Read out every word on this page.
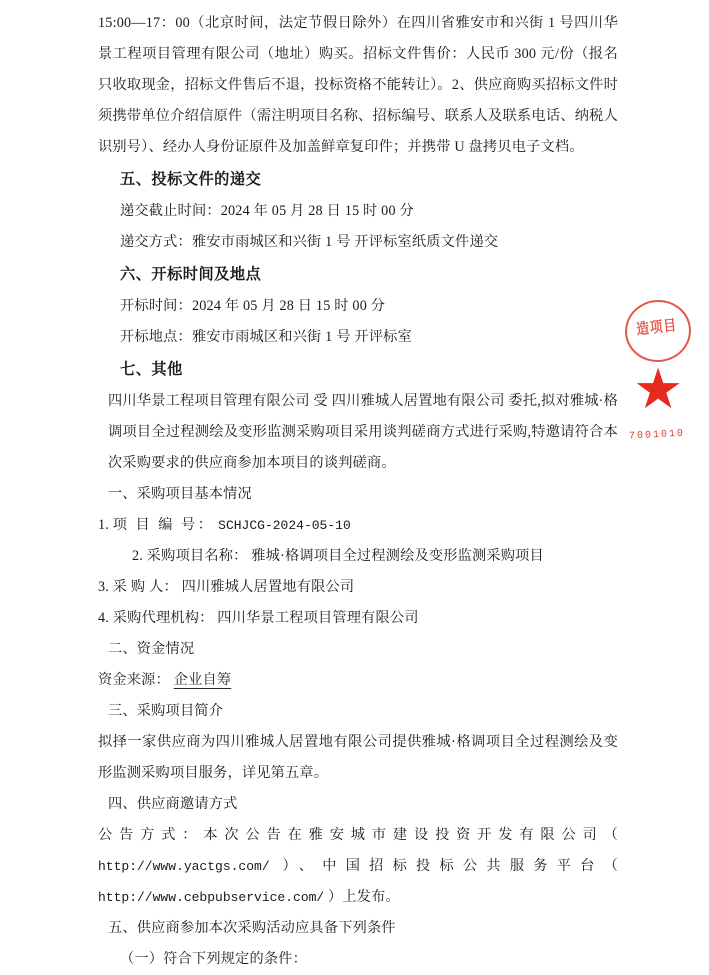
15:00—17：00（北京时间，法定节假日除外）在四川省雅安市和兴街 1 号四川华景工程项目管理有限公司（地址）购买。招标文件售价：人民币 300 元/份（报名只收取现金，招标文件售后不退，投标资格不能转让）。2、供应商购买招标文件时须携带单位介绍信原件（需注明项目名称、招标编号、联系人及联系电话、纳税人识别号）、经办人身份证原件及加盖鲜章复印件；并携带 U 盘拷贝电子文档。

五、投标文件的递交

递交截止时间：2024 年 05 月 28 日 15 时 00 分

递交方式：雅安市雨城区和兴街 1 号 开评标室纸质文件递交

六、开标时间及地点

开标时间：2024 年 05 月 28 日 15 时 00 分

开标地点：雅安市雨城区和兴街 1 号 开评标室

七、其他

四川华景工程项目管理有限公司 受 四川雅城人居置地有限公司 委托,拟对雅城·格调项目全过程测绘及变形监测采购项目采用谈判磋商方式进行采购,特邀请符合本次采购要求的供应商参加本项目的谈判磋商。

一、采购项目基本情况

1. 项 目 编 号： SCHJCG-2024-05-10

2. 采购项目名称： 雅城·格调项目全过程测绘及变形监测采购项目

3. 采 购 人： 四川雅城人居置地有限公司

4. 采购代理机构： 四川华景工程项目管理有限公司

二、资金情况

资金来源： 企业自筹

三、采购项目简介

拟择一家供应商为四川雅城人居置地有限公司提供雅城·格调项目全过程测绘及变形监测采购项目服务，详见第五章。

四、供应商邀请方式

公告方式：本次公告在雅安城市建设投资开发有限公司（ http://www.yactgs.com/ ）、中国招标投标公共服务平台（ http://www.cebpubservice.com/ ）上发布。

五、供应商参加本次采购活动应具备下列条件

（一）符合下列规定的条件：

造项目
7001010
